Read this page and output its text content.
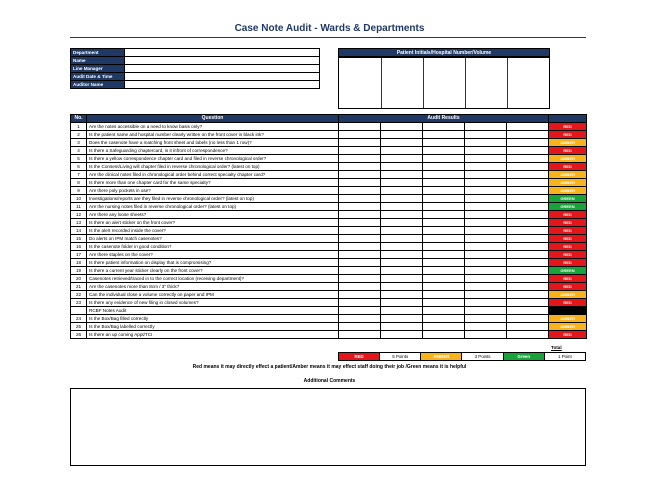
Case Note Audit - Wards & Departments
Department	
Name	
Line Manager	
Audit Date & Time	
Auditor Name	
Patient Initials/Hospital Number/Volume
No.	Question	Audit Results					
1	Are the notes accessible on a need to know basis only?						RED
2	Is the patient name and hospital number clearly written on the front cover in black ink?						RED
3	Does the casenote have a matching front sheet and labels (no less than 1 row)?						AMBER
4	Is there a Safeguarding chaptercard, is it infront of correspondence?						RED
5	Is there a yellow correspondence chapter card and filed in reverse chronological order?						AMBER
6	Is the Consent/Living will chapter filed in reverse chronological order? (latest on top)						RED
7	Are the clinical notes filed in chronological order behind correct specialty chapter card?						AMBER
8	Is there more than one chapter card for the same specialty?						AMBER
9	Are there poly pockets in use?						AMBER
10	Investigations/reports are they filed in reverse chronological order? (latest on top)						GREEN
11	Are the nursing notes filed in reverse chronological order? (latest on top)						GREEN
12	Are there any loose sheets?						RED
13	Is there an alert sticker on the front cover?						RED
14	Is the alert recorded inside the cover?						RED
15	Do alerts on IPM match casenotes?						RED
16	Is the casenote folder in good condition?						RED
17	Are there staples on the cover?						RED
18	Is there patient information on display that is compromising?						RED
19	Is there a current year sticker clearly on the front cover?						GREEN
20	Casenotes retrieved/traced in to the correct location (receiving department)?						RED
21	Are the casenotes more than 8cm / 3" thick?						RED
22	Can the individual close a volume correctly on paper and IPM						AMBER
23	Is there any evidence of new filing in closed volumes?						RED
	RCBF Notes Audit						
24	Is the Box/Bag filled correctly						AMBER
25	Is the Box/Bag labelled correctly						AMBER
26	Is there an up coming Appt/TCI						RED
Total
RED	5 Points	AMBER	3 Points	Green	1 Point
Red means it may directly effect a patient/Amber means it may effect staff doing their job /Green means it is helpful
Additional Comments
